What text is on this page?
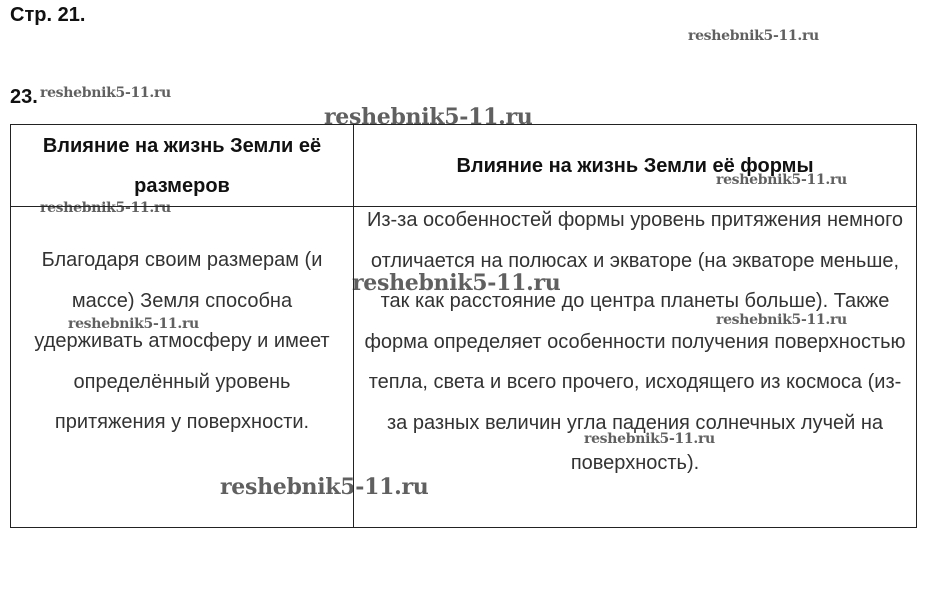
Стр. 21.
23.
Влияние на жизнь Земли её размеров
Влияние на жизнь Земли её формы
Благодаря своим размерам (и массе) Земля способна удерживать атмосферу и имеет определённый уровень притяжения у поверхности.
Из-за особенностей формы уровень притяжения немного отличается на полюсах и экваторе (на экваторе меньше, так как расстояние до центра планеты больше). Также форма определяет особенности получения поверхностью тепла, света и всего прочего, исходящего из космоса (из-за разных величин угла падения солнечных лучей на поверхность).
reshebnik5-11.ru
reshebnik5-11.ru
reshebnik5-11.ru
reshebnik5-11.ru
reshebnik5-11.ru
reshebnik5-11.ru
reshebnik5-11.ru	reshebnik5-11.ru
reshebnik5-11.ru
reshebnik5-11.ru
